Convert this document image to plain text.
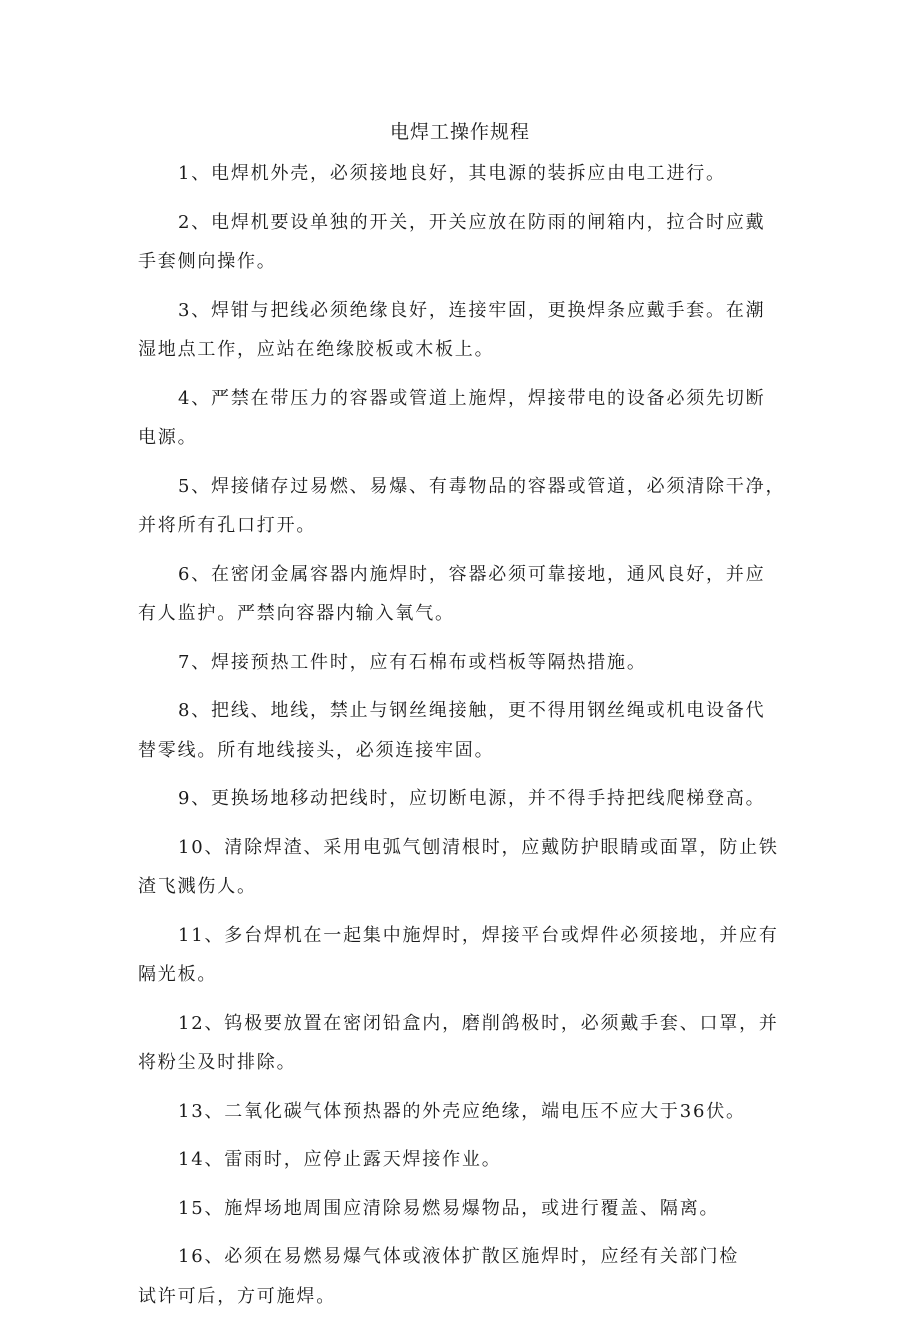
电焊工操作规程
1、电焊机外壳，必须接地良好，其电源的装拆应由电工进行。
2、电焊机要设单独的开关，开关应放在防雨的闸箱内，拉合时应戴
手套侧向操作。
3、焊钳与把线必须绝缘良好，连接牢固，更换焊条应戴手套。在潮
湿地点工作，应站在绝缘胶板或木板上。
4、严禁在带压力的容器或管道上施焊，焊接带电的设备必须先切断
电源。
5、焊接储存过易燃、易爆、有毒物品的容器或管道，必须清除干净，
并将所有孔口打开。
6、在密闭金属容器内施焊时，容器必须可靠接地，通风良好，并应
有人监护。严禁向容器内输入氧气。
7、焊接预热工件时，应有石棉布或档板等隔热措施。
8、把线、地线，禁止与钢丝绳接触，更不得用钢丝绳或机电设备代
替零线。所有地线接头，必须连接牢固。
9、更换场地移动把线时，应切断电源，并不得手持把线爬梯登高。
10、清除焊渣、采用电弧气刨清根时，应戴防护眼睛或面罩，防止铁
渣飞溅伤人。
11、多台焊机在一起集中施焊时，焊接平台或焊件必须接地，并应有
隔光板。
12、钨极要放置在密闭铅盒内，磨削鸽极时，必须戴手套、口罩，并
将粉尘及时排除。
13、二氧化碳气体预热器的外壳应绝缘，端电压不应大于36伏。
14、雷雨时，应停止露天焊接作业。
15、施焊场地周围应清除易燃易爆物品，或进行覆盖、隔离。
16、必须在易燃易爆气体或液体扩散区施焊时，应经有关部门检
试许可后，方可施焊。
